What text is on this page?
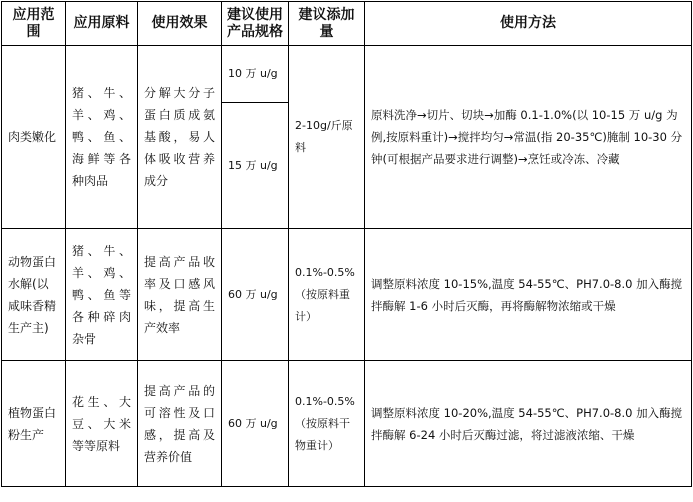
应用范围	应用原料	使用效果	建议使用产品规格	建议添加量	使用方法
肉类嫩化	猪、牛、羊、鸡、鸭、鱼、海鲜等各种肉品	分解大分子蛋白质成氨基酸，易人体吸收营养成分	10 万 u/g	2-10g/斤原料	原料洗净→切片、切块→加酶 0.1-1.0%(以 10-15 万 u/g 为例,按原料重计)→搅拌均匀→常温(指 20-35℃)腌制 10-30 分钟(可根据产品要求进行调整)→烹饪或冷冻、冷藏
			15 万 u/g		
动物蛋白水解(以咸味香精生产主)	猪、牛、羊、鸡、鸭、鱼等各种碎肉杂骨	提高产品收率及口感风味，提高生产效率	60 万 u/g	0.1%-0.5%（按原料重计）	调整原料浓度 10-15%,温度 54-55℃、PH7.0-8.0 加入酶搅拌酶解 1-6 小时后灭酶，再将酶解物浓缩或干燥
植物蛋白粉生产	花生、大豆、大米等等原料	提高产品的可溶性及口感，提高及营养价值	60 万 u/g	0.1%-0.5%（按原料干物重计）	调整原料浓度 10-20%,温度 54-55℃、PH7.0-8.0 加入酶搅拌酶解 6-24 小时后灭酶过滤，将过滤液浓缩、干燥
